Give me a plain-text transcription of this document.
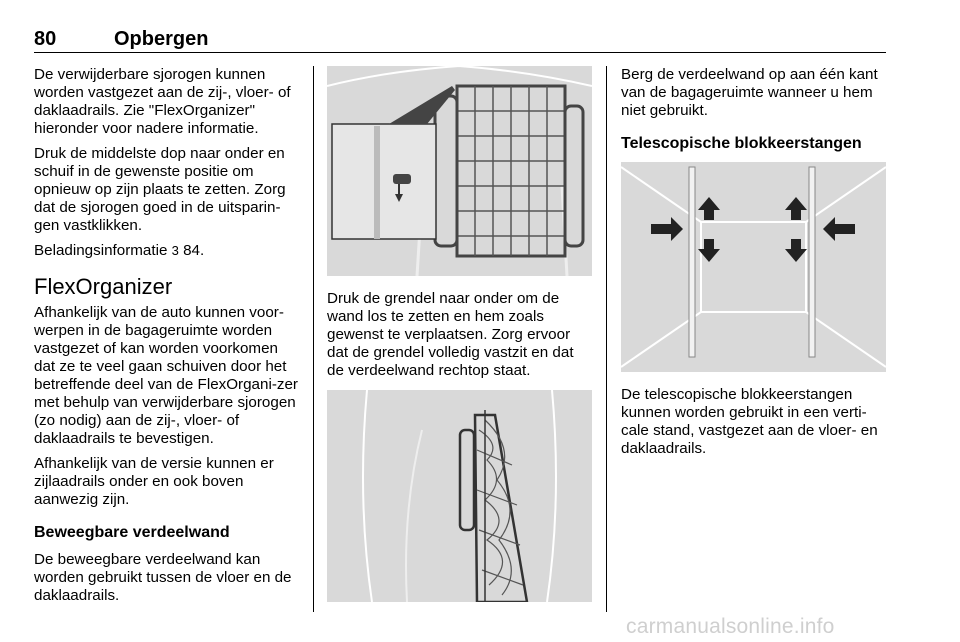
80	Opbergen

De verwijderbare sjorogen kunnen worden vastgezet aan de zij-, vloer- of daklaadrails. Zie "FlexOrganizer" hieronder voor nadere informatie.

Druk de middelste dop naar onder en schuif in de gewenste positie om opnieuw op zijn plaats te zetten. Zorg dat de sjorogen goed in de uitsparin-gen vastklikken.

Beladingsinformatie 3 84.

FlexOrganizer

Afhankelijk van de auto kunnen voor-werpen in de bagageruimte worden vastgezet of kan worden voorkomen dat ze te veel gaan schuiven door het betreffende deel van de FlexOrgani-zer met behulp van verwijderbare sjorogen (zo nodig) aan de zij-, vloer- of daklaadrails te bevestigen.

Afhankelijk van de versie kunnen er zijlaadrails onder en ook boven aanwezig zijn.

Beweegbare verdeelwand

De beweegbare verdeelwand kan worden gebruikt tussen de vloer en de daklaadrails.

Druk de grendel naar onder om de wand los te zetten en hem zoals gewenst te verplaatsen. Zorg ervoor dat de grendel volledig vastzit en dat de verdeelwand rechtop staat.

Berg de verdeelwand op aan één kant van de bagageruimte wanneer u hem niet gebruikt.

Telescopische blokkeerstangen

De telescopische blokkeerstangen kunnen worden gebruikt in een verti-cale stand, vastgezet aan de vloer- en daklaadrails.

carmanualsonline.info
